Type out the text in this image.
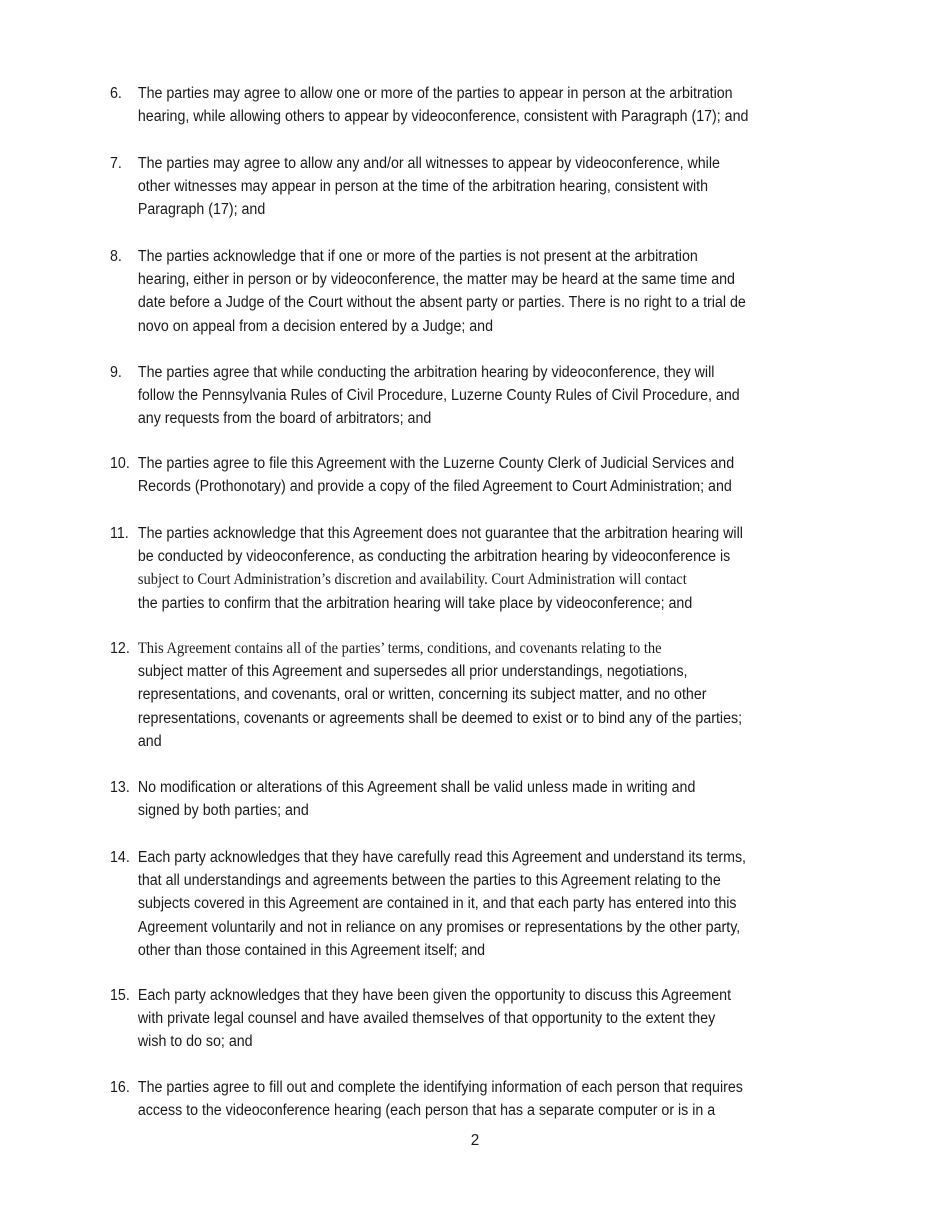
6. The parties may agree to allow one or more of the parties to appear in person at the arbitration
hearing, while allowing others to appear by videoconference, consistent with Paragraph (17); and
7. The parties may agree to allow any and/or all witnesses to appear by videoconference, while
other witnesses may appear in person at the time of the arbitration hearing, consistent with
Paragraph (17); and
8. The parties acknowledge that if one or more of the parties is not present at the arbitration
hearing, either in person or by videoconference, the matter may be heard at the same time and
date before a Judge of the Court without the absent party or parties. There is no right to a trial de
novo on appeal from a decision entered by a Judge; and
9. The parties agree that while conducting the arbitration hearing by videoconference, they will
follow the Pennsylvania Rules of Civil Procedure, Luzerne County Rules of Civil Procedure, and
any requests from the board of arbitrators; and
10. The parties agree to file this Agreement with the Luzerne County Clerk of Judicial Services and
Records (Prothonotary) and provide a copy of the filed Agreement to Court Administration; and
11. The parties acknowledge that this Agreement does not guarantee that the arbitration hearing will
be conducted by videoconference, as conducting the arbitration hearing by videoconference is
subject to Court Administration’s discretion and availability. Court Administration will contact
the parties to confirm that the arbitration hearing will take place by videoconference; and
12. This Agreement contains all of the parties’ terms, conditions, and covenants relating to the
subject matter of this Agreement and supersedes all prior understandings, negotiations,
representations, and covenants, oral or written, concerning its subject matter, and no other
representations, covenants or agreements shall be deemed to exist or to bind any of the parties;
and
13. No modification or alterations of this Agreement shall be valid unless made in writing and
signed by both parties; and
14. Each party acknowledges that they have carefully read this Agreement and understand its terms,
that all understandings and agreements between the parties to this Agreement relating to the
subjects covered in this Agreement are contained in it, and that each party has entered into this
Agreement voluntarily and not in reliance on any promises or representations by the other party,
other than those contained in this Agreement itself; and
15. Each party acknowledges that they have been given the opportunity to discuss this Agreement
with private legal counsel and have availed themselves of that opportunity to the extent they
wish to do so; and
16. The parties agree to fill out and complete the identifying information of each person that requires
access to the videoconference hearing (each person that has a separate computer or is in a
2
